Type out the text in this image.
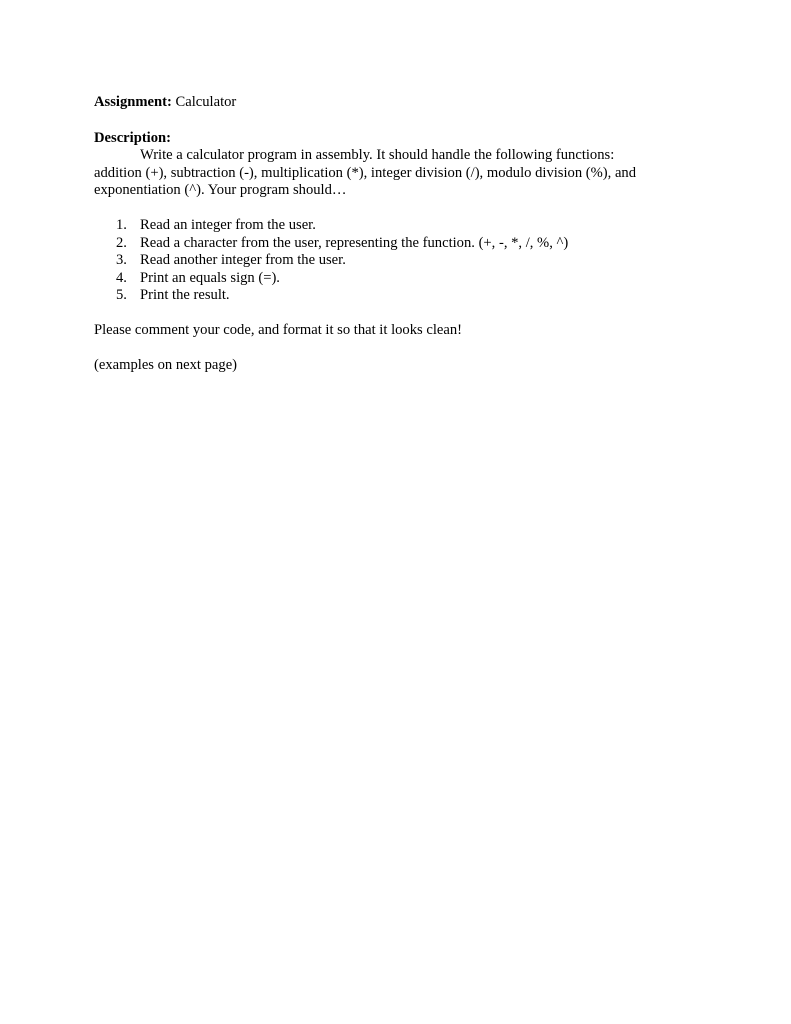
Assignment: Calculator

Description:

Write a calculator program in assembly. It should handle the following functions:
addition (+), subtraction (-), multiplication (*), integer division (/), modulo division (%), and
exponentiation (^). Your program should…

1. Read an integer from the user.
2. Read a character from the user, representing the function. (+, -, *, /, %, ^)
3. Read another integer from the user.
4. Print an equals sign (=).
5. Print the result.

Please comment your code, and format it so that it looks clean!

(examples on next page)
